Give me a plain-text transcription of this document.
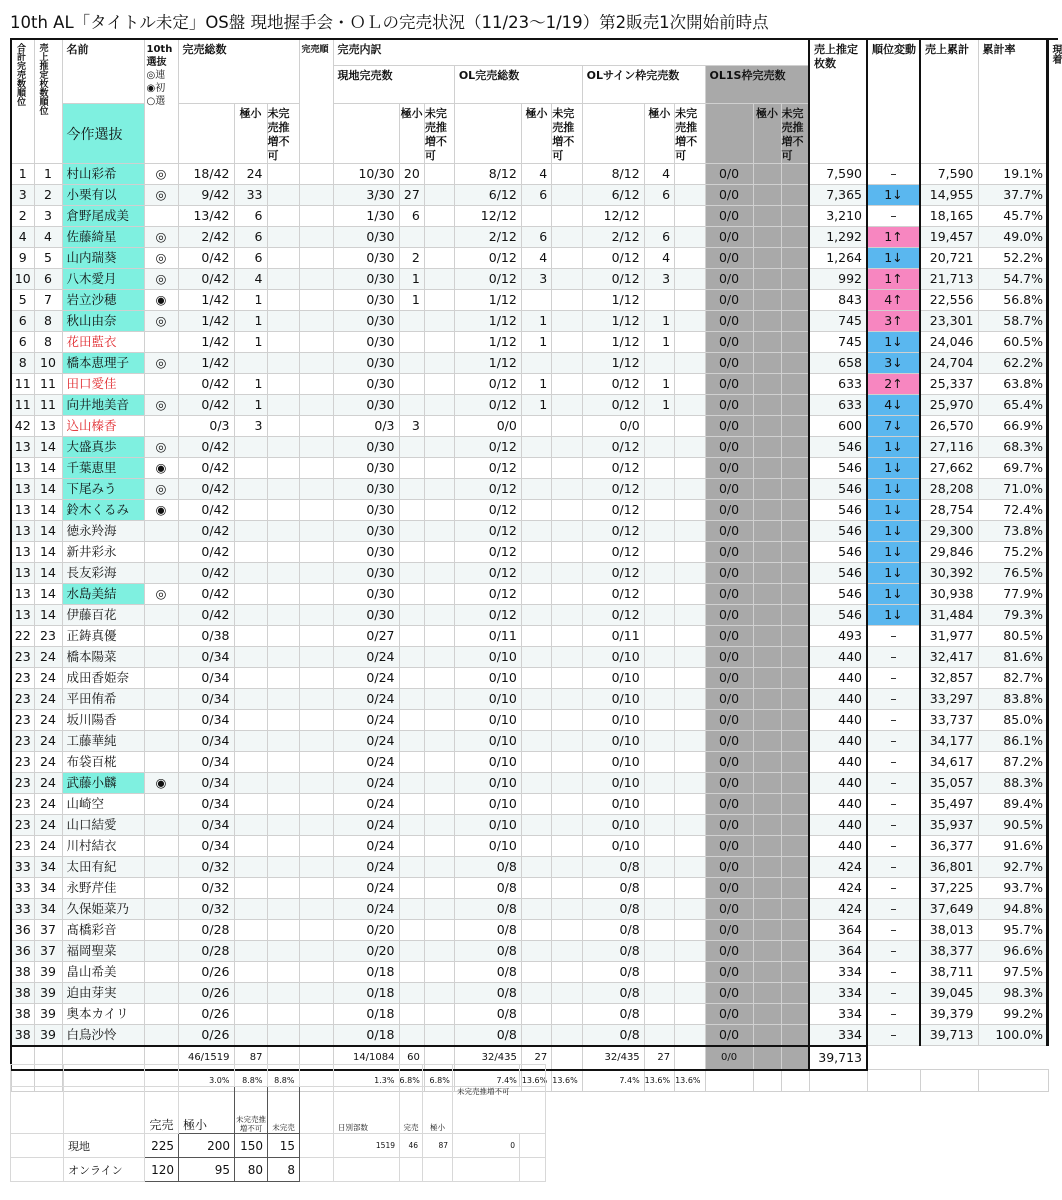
10th AL「タイトル未定」OS盤 現地握手会・ＯＬの完売状況（11/23〜1/19）第2販売1次開始前時点
合計完売数順位	売上推定枚数順位	名前	10th選抜
◎連
◉初
○選	完売総数			完売順	完売内訳												売上推定枚数	順位変動	売上累計	累計率
								現地完売数			OL完売総数			OLサイン枠完売数			OL1S枠完売数						
		今作選抜			極小	未完売推増不可			極小	未完売推増不可		極小	未完売推増不可		極小	未完売推増不可		極小	未完売推増不可				
1	1	村山彩希	◎	18/42	24			10/30	20		8/12	4		8/12	4		0/0			7,590	–	7,590	19.1%
3	2	小栗有以	◎	9/42	33			3/30	27		6/12	6		6/12	6		0/0			7,365	1↓	14,955	37.7%
2	3	倉野尾成美		13/42	6			1/30	6		12/12			12/12			0/0			3,210	–	18,165	45.7%
4	4	佐藤綺星	◎	2/42	6			0/30			2/12	6		2/12	6		0/0			1,292	1↑	19,457	49.0%
9	5	山内瑞葵	◎	0/42	6			0/30	2		0/12	4		0/12	4		0/0			1,264	1↓	20,721	52.2%
10	6	八木愛月	◎	0/42	4			0/30	1		0/12	3		0/12	3		0/0			992	1↑	21,713	54.7%
5	7	岩立沙穂	◉	1/42	1			0/30	1		1/12			1/12			0/0			843	4↑	22,556	56.8%
6	8	秋山由奈	◎	1/42	1			0/30			1/12	1		1/12	1		0/0			745	3↑	23,301	58.7%
6	8	花田藍衣		1/42	1			0/30			1/12	1		1/12	1		0/0			745	1↓	24,046	60.5%
8	10	橋本恵理子	◎	1/42				0/30			1/12			1/12			0/0			658	3↓	24,704	62.2%
11	11	田口愛佳		0/42	1			0/30			0/12	1		0/12	1		0/0			633	2↑	25,337	63.8%
11	11	向井地美音	◎	0/42	1			0/30			0/12	1		0/12	1		0/0			633	4↓	25,970	65.4%
42	13	込山榛香		0/3	3			0/3	3		0/0			0/0			0/0			600	7↓	26,570	66.9%
13	14	大盛真歩	◎	0/42				0/30			0/12			0/12			0/0			546	1↓	27,116	68.3%
13	14	千葉恵里	◉	0/42				0/30			0/12			0/12			0/0			546	1↓	27,662	69.7%
13	14	下尾みう	◎	0/42				0/30			0/12			0/12			0/0			546	1↓	28,208	71.0%
13	14	鈴木くるみ	◉	0/42				0/30			0/12			0/12			0/0			546	1↓	28,754	72.4%
13	14	徳永羚海		0/42				0/30			0/12			0/12			0/0			546	1↓	29,300	73.8%
13	14	新井彩永		0/42				0/30			0/12			0/12			0/0			546	1↓	29,846	75.2%
13	14	長友彩海		0/42				0/30			0/12			0/12			0/0			546	1↓	30,392	76.5%
13	14	水島美結	◎	0/42				0/30			0/12			0/12			0/0			546	1↓	30,938	77.9%
13	14	伊藤百花		0/42				0/30			0/12			0/12			0/0			546	1↓	31,484	79.3%
22	23	正鋳真優		0/38				0/27			0/11			0/11			0/0			493	–	31,977	80.5%
23	24	橋本陽菜		0/34				0/24			0/10			0/10			0/0			440	–	32,417	81.6%
23	24	成田香姫奈		0/34				0/24			0/10			0/10			0/0			440	–	32,857	82.7%
23	24	平田侑希		0/34				0/24			0/10			0/10			0/0			440	–	33,297	83.8%
23	24	坂川陽香		0/34				0/24			0/10			0/10			0/0			440	–	33,737	85.0%
23	24	工藤華純		0/34				0/24			0/10			0/10			0/0			440	–	34,177	86.1%
23	24	布袋百椛		0/34				0/24			0/10			0/10			0/0			440	–	34,617	87.2%
23	24	武藤小麟	◉	0/34				0/24			0/10			0/10			0/0			440	–	35,057	88.3%
23	24	山崎空		0/34				0/24			0/10			0/10			0/0			440	–	35,497	89.4%
23	24	山口結愛		0/34				0/24			0/10			0/10			0/0			440	–	35,937	90.5%
23	24	川村結衣		0/34				0/24			0/10			0/10			0/0			440	–	36,377	91.6%
33	34	太田有紀		0/32				0/24			0/8			0/8			0/0			424	–	36,801	92.7%
33	34	永野芹佳		0/32				0/24			0/8			0/8			0/0			424	–	37,225	93.7%
33	34	久保姫菜乃		0/32				0/24			0/8			0/8			0/0			424	–	37,649	94.8%
36	37	髙橋彩音		0/28				0/20			0/8			0/8			0/0			364	–	38,013	95.7%
36	37	福岡聖菜		0/28				0/20			0/8			0/8			0/0			364	–	38,377	96.6%
38	39	畠山希美		0/26				0/18			0/8			0/8			0/0			334	–	38,711	97.5%
38	39	迫由芽実		0/26				0/18			0/8			0/8			0/0			334	–	39,045	98.3%
38	39	奥本カイリ		0/26				0/18			0/8			0/8			0/0			334	–	39,379	99.2%
38	39	白鳥沙怜		0/26				0/18			0/8			0/8			0/0			334	–	39,713	100.0%
				46/1519	87			14/1084	60		32/435	27		32/435	27		0/0			39,713			
				3.0%	8.8%	8.8%		1.3%	6.8%	6.8%	7.4%	13.6%	13.6%	7.4%	13.6%	13.6%							
現着

		完売	極小	未完売推増不可	未完売		日別部数	完売	極小	未完売推増不可	
	現地	225	200	150	15		1519	46	87	0	
	オンライン	120	95	80	8						
